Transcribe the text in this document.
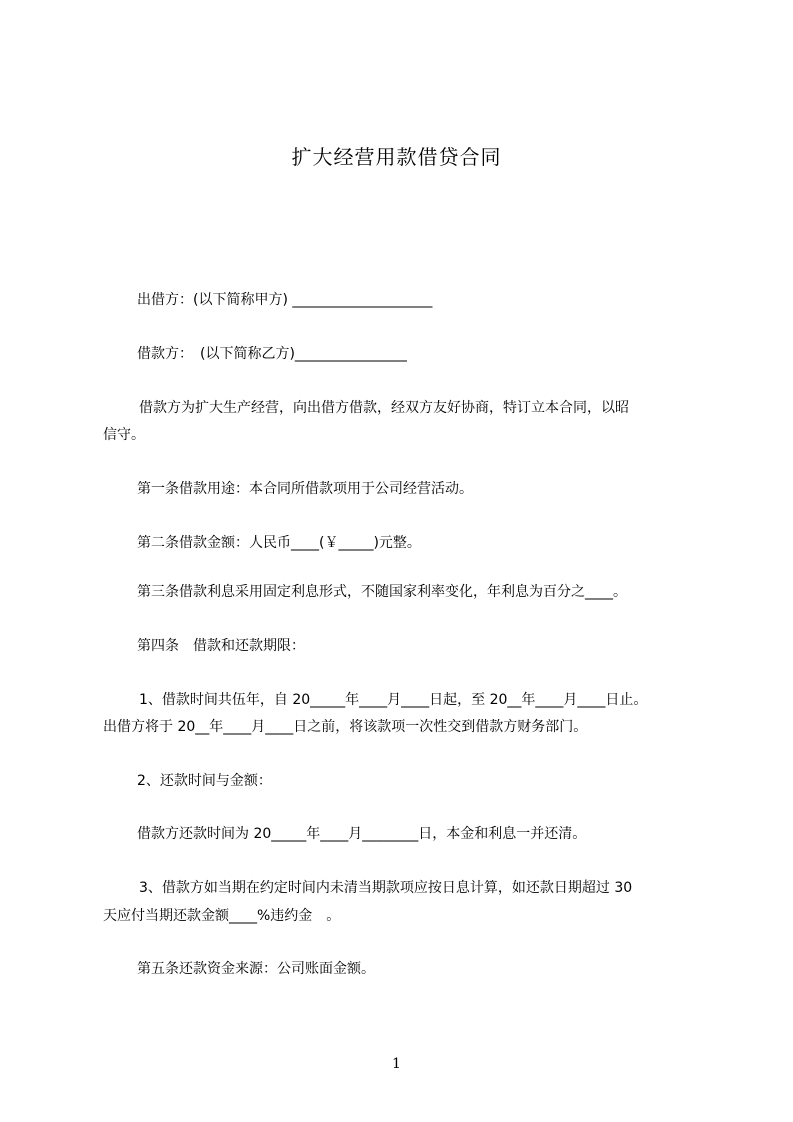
扩大经营用款借贷合同
出借方：(以下简称甲方) ____________________
借款方：　(以下简称乙方)________________
借款方为扩大生产经营，向出借方借款，经双方友好协商，特订立本合同，以昭
信守。
第一条借款用途：本合同所借款项用于公司经营活动。
第二条借款金额：人民币____(￥_____)元整。
第三条借款利息采用固定利息形式，不随国家利率变化，年利息为百分之____。
第四条　借款和还款期限：
1、借款时间共伍年，自 20_____年____月____日起，至 20__年____月____日止。
出借方将于 20__年____月____日之前，将该款项一次性交到借款方财务部门。
2、还款时间与金额：
借款方还款时间为 20_____年____月________日，本金和利息一并还清。
3、借款方如当期在约定时间内未清当期款项应按日息计算，如还款日期超过 30
天应付当期还款金额____%违约金　。
第五条还款资金来源：公司账面金额。
1
